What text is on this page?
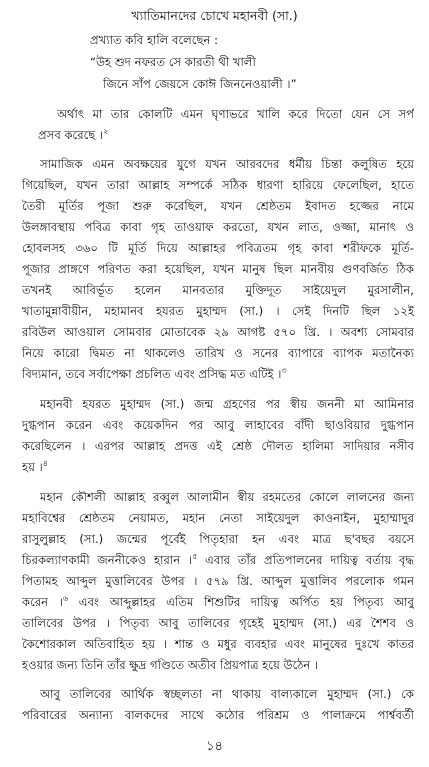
খ্যাতিমানদের চোখে মহানবী (সা.)
প্রখ্যাত কবি হালি বলেছেন :
“উহ শুদ নফরত সে কারতী থী খালী
জিনে সাঁপ জেয়সে কোঈ জিননেওয়ালী ।”
অর্থাৎ মা তার কোলটি এমন ঘৃণাভরে খালি করে দিতো যেন সে সর্প
প্রসব করেছে ।$^২$
সামাজিক এমন অবক্ষয়ের যুগে যখন আরবদের ধর্মীয় চিন্তা কলুষিত হয়ে
গিয়েছিল, যখন তারা আল্লাহ সম্পর্কে সঠিক ধারণা হারিয়ে ফেলেছিল, হাতে
তৈরী মূর্তির পূজা শুরু করেছিল, যখন শ্রেষ্ঠতম ইবাদত হজ্জের নামে
উলঙ্গাবস্থায় পবিত্র কাবা গৃহ তাওয়াফ করতো, যখন লাত, ওজ্জা, মানাৎ ও
হোবলসহ ৩৬০ টি মূর্তি দিয়ে আল্লাহর পবিত্রতম গৃহ কাবা শরীফকে মূর্তি-
পূজার প্রাঙ্গণে পরিণত করা হয়েছিল, যখন মানুষ ছিল মানবীয় গুণবর্জিত ঠিক
তখনই আবির্ভূত হলেন মানবতার মুক্তিদূত সাইয়েদুল মুরসালীন,
খাতামুন্নাবীয়ীন, মহামানব হযরত মুহাম্মদ (সা.) । সেই দিনটি ছিল ১২ই
রবিউল আওয়াল সোমবার মোতাবেক ২৯ আগষ্ট ৫৭০ খ্রি. । অবশ্য সোমবার
নিয়ে কারো দ্বিমত না থাকলেও তারিখ ও সনের ব্যাপারে ব্যাপক মতানৈক্য
বিদ্যমান, তবে সর্বাপেক্ষা প্রচলিত এবং প্রসিদ্ধ মত এটিই ।$^৩$
মহানবী হযরত মুহাম্মদ (সা.) জন্ম গ্রহণের পর স্বীয় জননী মা আমিনার
দুগ্ধপান করেন এবং কয়েকদিন পর আবু লাহাবের বাঁদী ছাওবিয়ার দুগ্ধপান
করেছিলেন । এরপর আল্লাহ প্রদত্ত এই শ্রেষ্ঠ দৌলত হালিমা সাদিয়ার নসীব
হয় ।$^৪$
মহান কৌশলী আল্লাহ রব্বুল আলামীন স্বীয় রহমতের কোলে লালনের জন্য
মহাবিশ্বের শ্রেষ্ঠতম নেয়ামত, মহান নেতা সাইয়েদুল কাওনাইন, মুহাম্মাদুর
রাসুলুল্লাহ (সা.) জন্মের পূর্বেই পিতৃহারা হন এবং মাত্র ছ'বছর বয়সে
চিরকল্যাণকামী জননীকেও হারান ।$^৫$ এবার তাঁর প্রতিপালনের দায়িত্ব বর্তায় বৃদ্ধ
পিতামহ আব্দুল মুত্তালিবের উপর । ৫৭৯ খ্রি. আব্দুল মুত্তালিব পরলোক গমন
করেন ।$^৬$ এবং আব্দুল্লাহর এতিম শিশুটির দায়িত্ব অর্পিত হয় পিতৃব্য আবু
তালিবের উপর । পিতৃব্য আবু তালিবের গৃহেই মুহাম্মদ (সা.) এর শৈশব ও
কৈশোরকাল অতিবাহিত হয় । শান্ত ও মধুর ব্যবহার এবং মানুষের দুঃখে কাতর
হওয়ার জন্য তিনি তাঁর ক্ষুদ্র গণ্ডিতে অতীব প্রিয়পাত্র হয়ে উঠেন ।
আবু তালিবের আর্থিক স্বচ্ছলতা না থাকায় বাল্যকালে মুহাম্মদ (সা.) কে
পরিবারের অন্যান্য বালকদের সাথে কঠোর পরিশ্রম ও পালাক্রমে পার্শ্ববর্তী
১৪
